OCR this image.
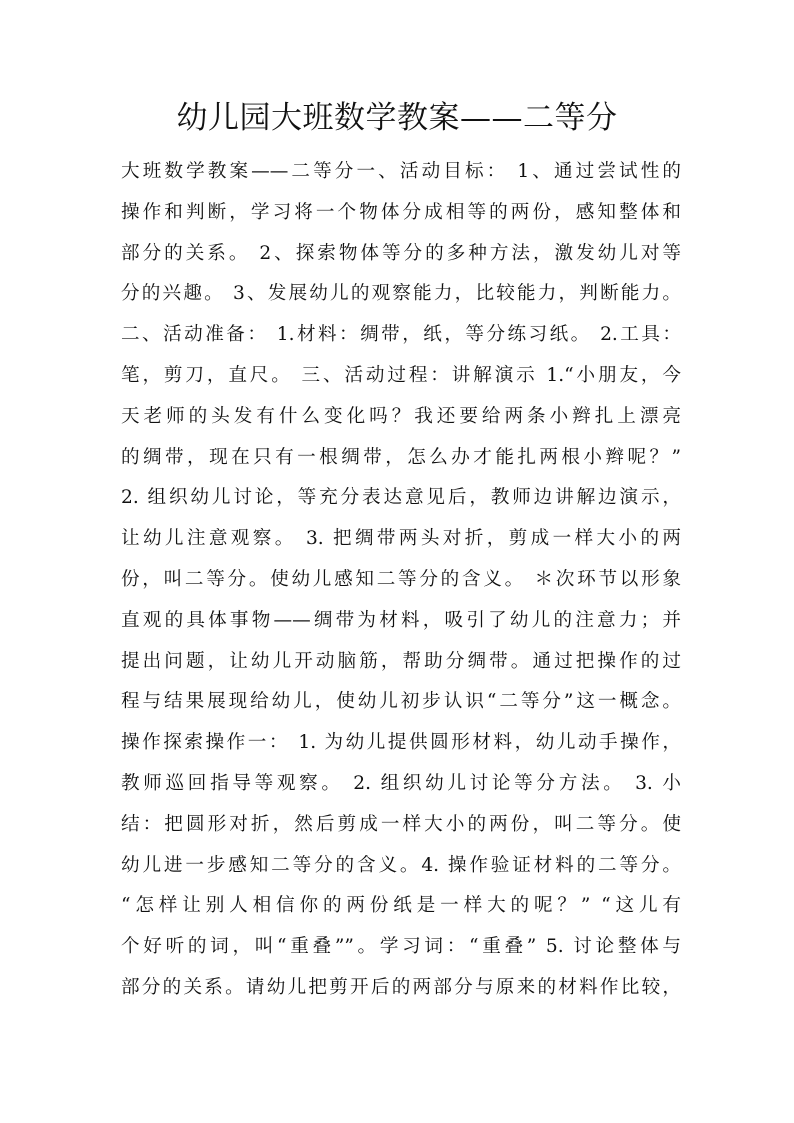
幼儿园大班数学教案——二等分
大班数学教案——二等分一、活动目标： 1、通过尝试性的
操作和判断，学习将一个物体分成相等的两份，感知整体和
部分的关系。 2、探索物体等分的多种方法，激发幼儿对等
分的兴趣。 3、发展幼儿的观察能力，比较能力，判断能力。
二、活动准备： 1.材料：绸带，纸，等分练习纸。 2.工具：
笔，剪刀，直尺。 三、活动过程：讲解演示 1.“小朋友，今
天老师的头发有什么变化吗？我还要给两条小辫扎上漂亮
的绸带，现在只有一根绸带，怎么办才能扎两根小辫呢？”
2. 组织幼儿讨论，等充分表达意见后，教师边讲解边演示，
让幼儿注意观察。 3. 把绸带两头对折，剪成一样大小的两
份，叫二等分。使幼儿感知二等分的含义。 ＊次环节以形象
直观的具体事物——绸带为材料，吸引了幼儿的注意力；并
提出问题，让幼儿开动脑筋，帮助分绸带。通过把操作的过
程与结果展现给幼儿，使幼儿初步认识“二等分”这一概念。
操作探索操作一： 1. 为幼儿提供圆形材料，幼儿动手操作，
教师巡回指导等观察。 2. 组织幼儿讨论等分方法。 3. 小
结：把圆形对折，然后剪成一样大小的两份，叫二等分。使
幼儿进一步感知二等分的含义。4. 操作验证材料的二等分。
“怎样让别人相信你的两份纸是一样大的呢？” “这儿有
个好听的词，叫“重叠””。学习词：“重叠” 5. 讨论整体与
部分的关系。请幼儿把剪开后的两部分与原来的材料作比较，
